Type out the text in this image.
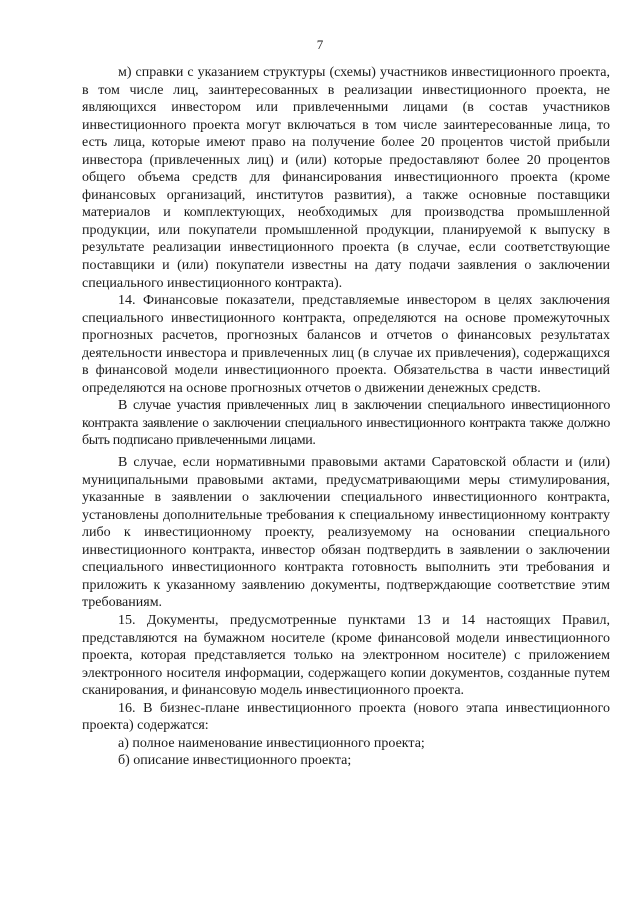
7

м) справки с указанием структуры (схемы) участников инвестиционного проекта, в том числе лиц, заинтересованных в реализации инвестиционного проекта, не являющихся инвестором или привлеченными лицами (в состав участников инвестиционного проекта могут включаться в том числе заинтересованные лица, то есть лица, которые имеют право на получение более 20 процентов чистой прибыли инвестора (привлеченных лиц) и (или) которые предоставляют более 20 процентов общего объема средств для финансирования инвестиционного проекта (кроме финансовых организаций, институтов развития), а также основные поставщики материалов и комплектующих, необходимых для производства промышленной продукции, или покупатели промышленной продукции, планируемой к выпуску в результате реализации инвестиционного проекта (в случае, если соответствующие поставщики и (или) покупатели известны на дату подачи заявления о заключении специального инвестиционного контракта).

14. Финансовые показатели, представляемые инвестором в целях заключения специального инвестиционного контракта, определяются на основе промежуточных прогнозных расчетов, прогнозных балансов и отчетов о финансовых результатах деятельности инвестора и привлеченных лиц (в случае их привлечения), содержащихся в финансовой модели инвестиционного проекта. Обязательства в части инвестиций определяются на основе прогнозных отчетов о движении денежных средств.

В случае участия привлеченных лиц в заключении специального инвестиционного контракта заявление о заключении специального инвестиционного контракта также должно быть подписано привлеченными лицами.

В случае, если нормативными правовыми актами Саратовской области и (или) муниципальными правовыми актами, предусматривающими меры стимулирования, указанные в заявлении о заключении специального инвестиционного контракта, установлены дополнительные требования к специальному инвестиционному контракту либо к инвестиционному проекту, реализуемому на основании специального инвестиционного контракта, инвестор обязан подтвердить в заявлении о заключении специального инвестиционного контракта готовность выполнить эти требования и приложить к указанному заявлению документы, подтверждающие соответствие этим требованиям.

15. Документы, предусмотренные пунктами 13 и 14 настоящих Правил, представляются на бумажном носителе (кроме финансовой модели инвестиционного проекта, которая представляется только на электронном носителе) с приложением электронного носителя информации, содержащего копии документов, созданные путем сканирования, и финансовую модель инвестиционного проекта.

16. В бизнес-плане инвестиционного проекта (нового этапа инвестиционного проекта) содержатся:

а) полное наименование инвестиционного проекта;

б) описание инвестиционного проекта;
